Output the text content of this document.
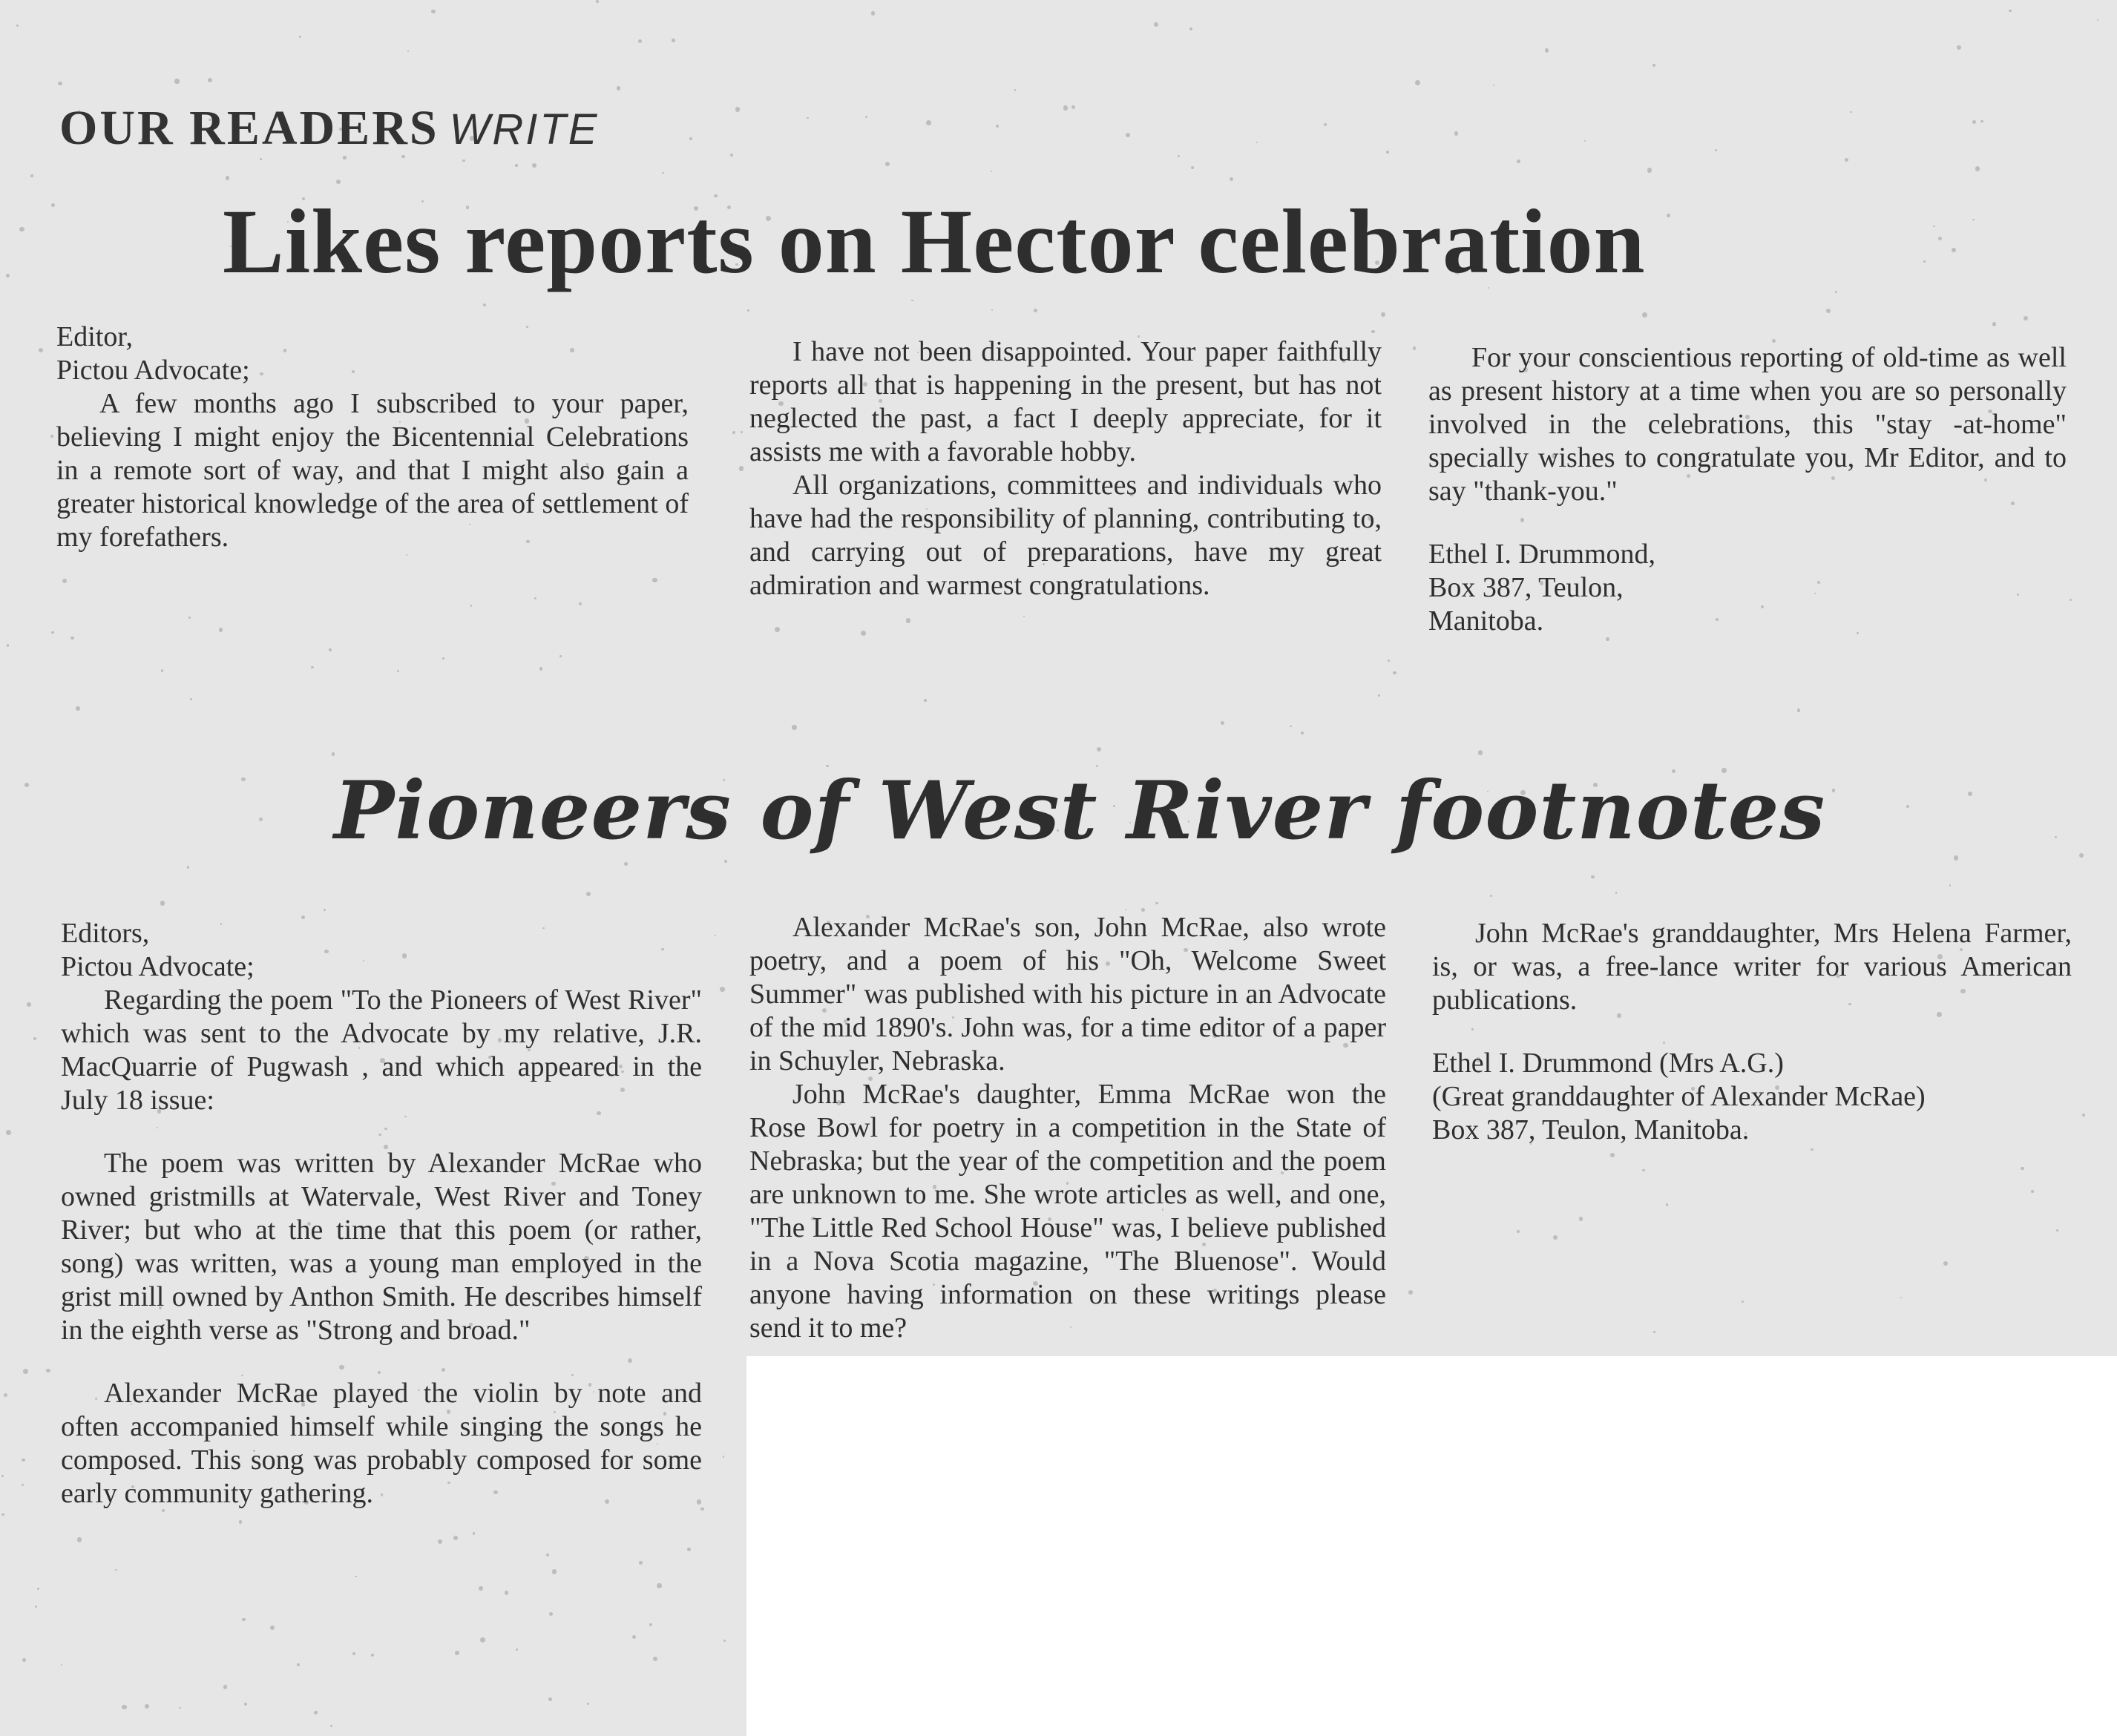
OUR READERS WRITE
Likes reports on Hector celebration
Editor,
Pictou Advocate;

A few months ago I subscribed to your paper, believing I might enjoy the Bicentennial Celebrations in a remote sort of way, and that I might also gain a greater historical knowledge of the area of settlement of my forefathers.

I have not been disappointed. Your paper faithfully reports all that is happening in the present, but has not neglected the past, a fact I deeply appreciate, for it assists me with a favorable hobby.

All organizations, committees and individuals who have had the responsibility of planning, contributing to, and carrying out of preparations, have my great admiration and warmest congratulations.

For your conscientious reporting of old-time as well as present history at a time when you are so personally involved in the celebrations, this "stay -at-home" specially wishes to congratulate you, Mr Editor, and to say "thank-you."

Ethel I. Drummond,
Box 387, Teulon,
Manitoba.
Pioneers of West River footnotes
Editors,
Pictou Advocate;

Regarding the poem "To the Pioneers of West River" which was sent to the Advocate by my relative, J.R. MacQuarrie of Pugwash , and which appeared in the July 18 issue:

The poem was written by Alexander McRae who owned gristmills at Watervale, West River and Toney River; but who at the time that this poem (or rather, song) was written, was a young man employed in the grist mill owned by Anthon Smith. He describes himself in the eighth verse as "Strong and broad."

Alexander McRae played the violin by note and often accompanied himself while singing the songs he composed. This song was probably composed for some early community gathering.

Alexander McRae's son, John McRae, also wrote poetry, and a poem of his "Oh, Welcome Sweet Summer" was published with his picture in an Advocate of the mid 1890's. John was, for a time editor of a paper in Schuyler, Nebraska.

John McRae's daughter, Emma McRae won the Rose Bowl for poetry in a competition in the State of Nebraska; but the year of the competition and the poem are unknown to me. She wrote articles as well, and one, "The Little Red School House" was, I believe published in a Nova Scotia magazine, "The Bluenose". Would anyone having information on these writings please send it to me?

John McRae's granddaughter, Mrs Helena Farmer, is, or was, a free-lance writer for various American publications.

Ethel I. Drummond (Mrs A.G.)
(Great granddaughter of Alexander McRae)
Box 387, Teulon, Manitoba.
